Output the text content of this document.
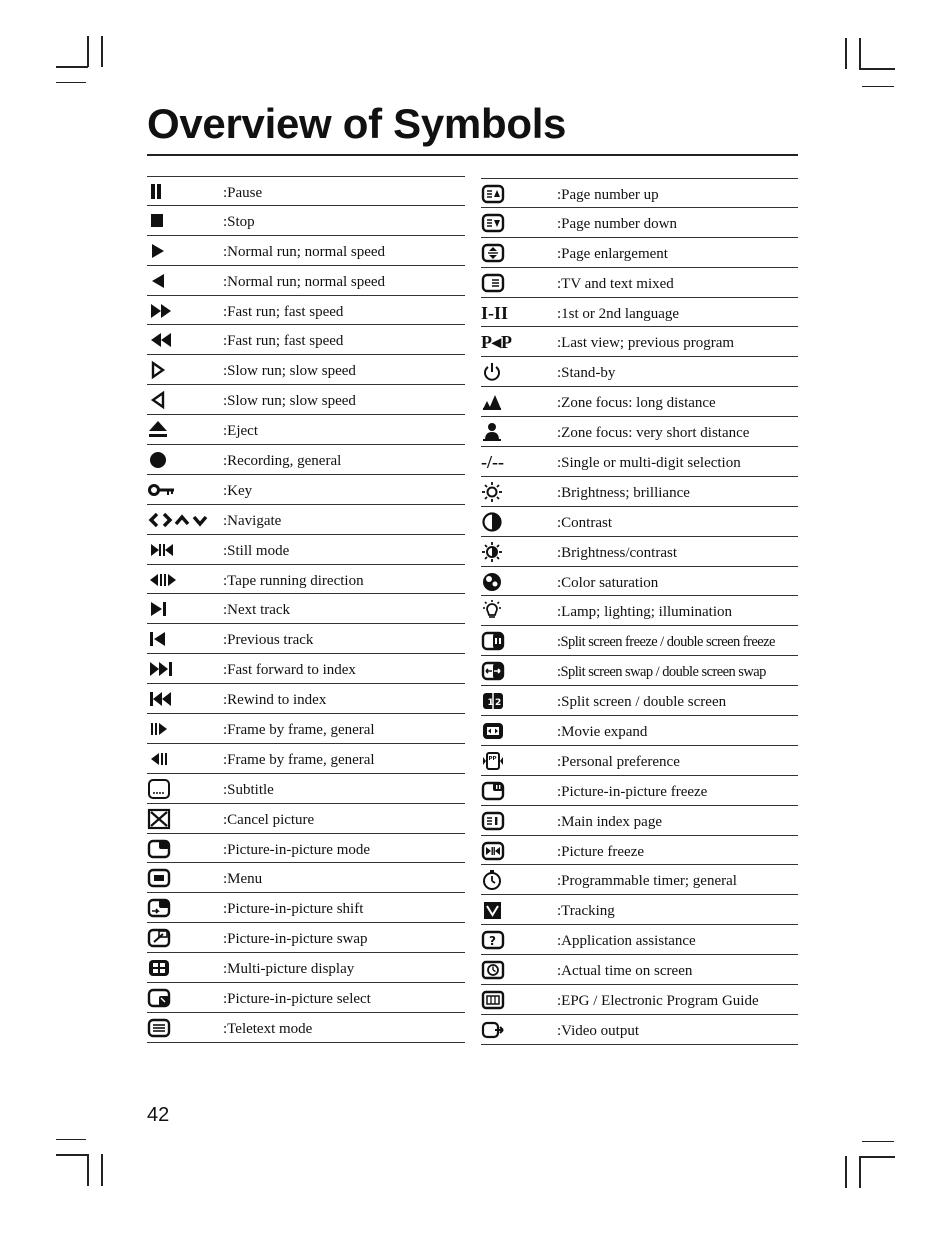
Overview of Symbols
:Pause
:Stop
:Normal run; normal speed
:Normal run; normal speed
:Fast run; fast speed
:Fast run; fast speed
:Slow run; slow speed
:Slow run; slow speed
:Eject
:Recording, general
:Key
:Navigate
:Still mode
:Tape running direction
:Next track
:Previous track
:Fast forward to index
:Rewind to index
:Frame by frame, general
:Frame by frame, general
:Subtitle
:Cancel picture
:Picture-in-picture mode
:Menu
:Picture-in-picture shift
:Picture-in-picture swap
:Multi-picture display
:Picture-in-picture select
:Teletext mode
:Page number up
:Page number down
:Page enlargement
:TV and text mixed
I-II	:1st or 2nd language
P◂P	:Last view; previous program
:Stand-by
:Zone focus: long distance
:Zone focus: very short distance
-/--	:Single or multi-digit selection
:Brightness; brilliance
:Contrast
:Brightness/contrast
:Color saturation
:Lamp; lighting; illumination
:Split screen freeze / double screen freeze
:Split screen swap / double screen swap
1 2	:Split screen / double screen
:Movie expand
PP	:Personal preference
:Picture-in-picture freeze
:Main index page
:Picture freeze
:Programmable timer; general
:Tracking
?	:Application assistance
:Actual time on screen
:EPG / Electronic Program Guide
:Video output
42
